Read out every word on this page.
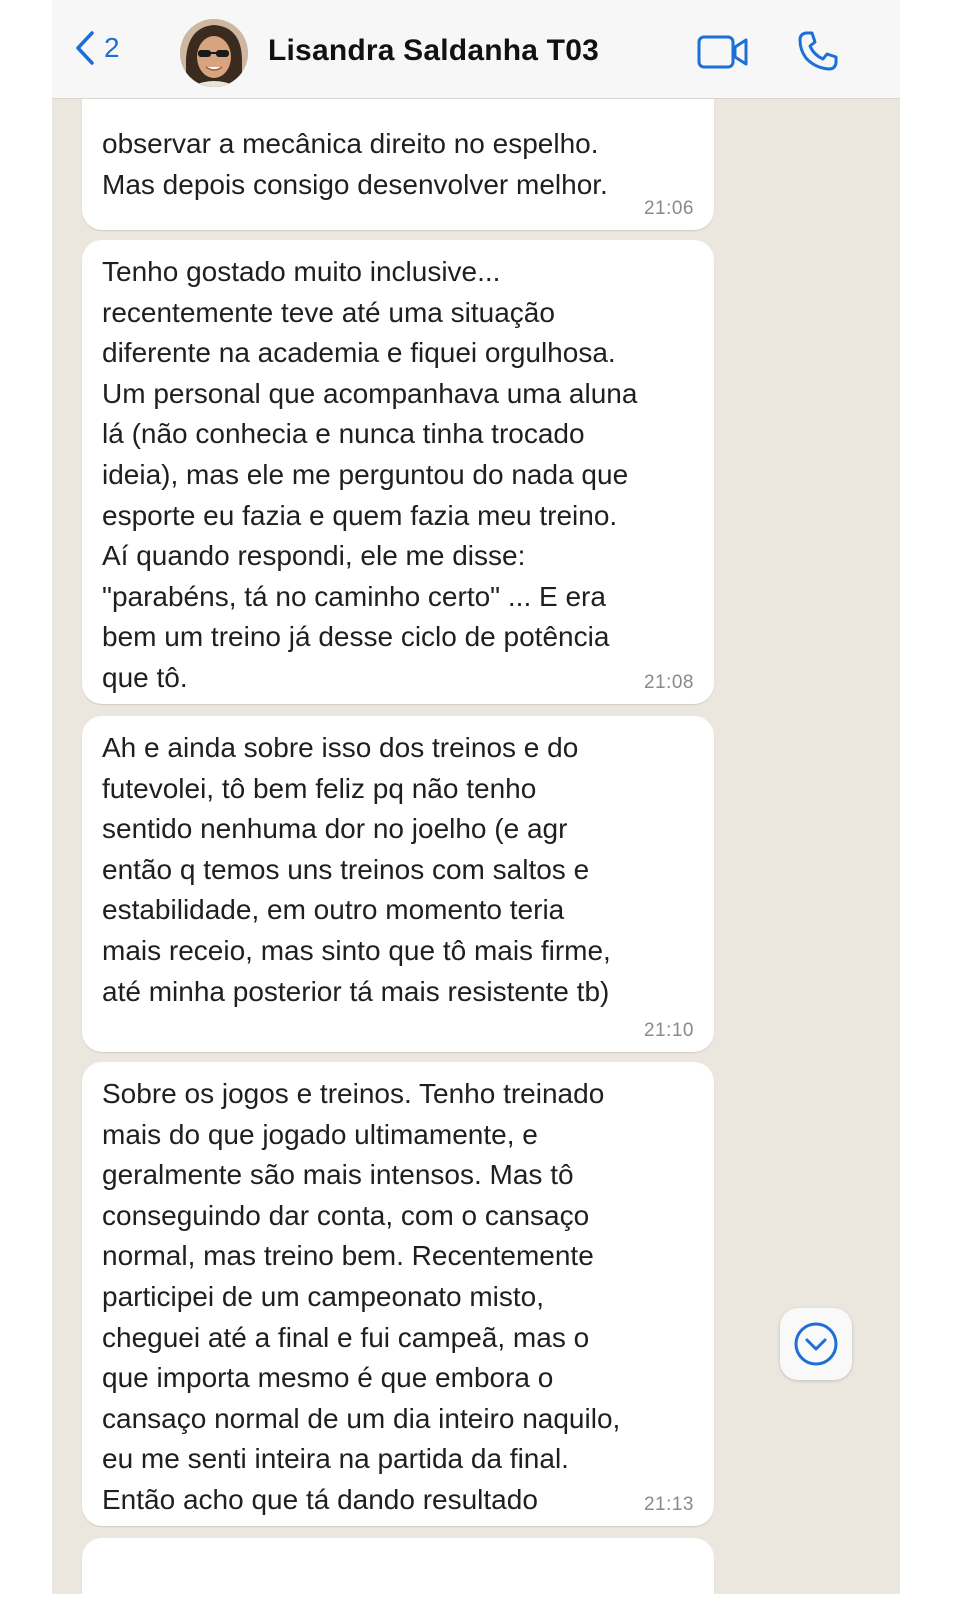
2	Lisandra Saldanha T03

observar a mecânica direito no espelho.
Mas depois consigo desenvolver melhor.

21:06

Tenho gostado muito inclusive...
recentemente teve até uma situação
diferente na academia e fiquei orgulhosa.
Um personal que acompanhava uma aluna
lá (não conhecia e nunca tinha trocado
ideia), mas ele me perguntou do nada que
esporte eu fazia e quem fazia meu treino.
Aí quando respondi, ele me disse:
"parabéns, tá no caminho certo" ... E era
bem um treino já desse ciclo de potência
que tô.	21:08

Ah e ainda sobre isso dos treinos e do
futevolei, tô bem feliz pq não tenho
sentido nenhuma dor no joelho (e agr
então q temos uns treinos com saltos e
estabilidade, em outro momento teria
mais receio, mas sinto que tô mais firme,
até minha posterior tá mais resistente tb)

21:10

Sobre os jogos e treinos. Tenho treinado
mais do que jogado ultimamente, e
geralmente são mais intensos. Mas tô
conseguindo dar conta, com o cansaço
normal, mas treino bem. Recentemente
participei de um campeonato misto,
cheguei até a final e fui campeã, mas o
que importa mesmo é que embora o
cansaço normal de um dia inteiro naquilo,
eu me senti inteira na partida da final.
Então acho que tá dando resultado	21:13
